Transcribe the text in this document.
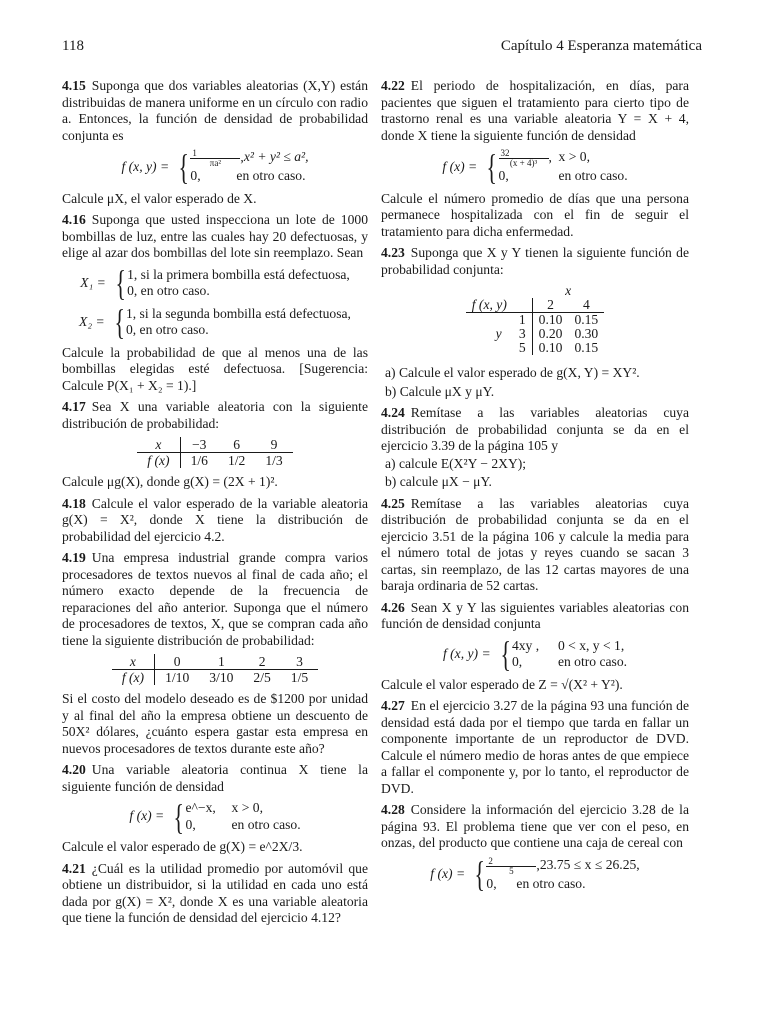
118	Capítulo 4 Esperanza matemática

4.15 Suponga que dos variables aleatorias (X,Y) están distribuidas de manera uniforme en un círculo con radio a. Entonces, la función de densidad de probabilidad conjunta es

f (x, y) = { $\frac{1}{\text{πa²}}$ , x² + y² ≤ a²,
0,	en otro caso.

Calcule μX, el valor esperado de X.

4.16 Suponga que usted inspecciona un lote de 1000 bombillas de luz, entre las cuales hay 20 defectuosas, y elige al azar dos bombillas del lote sin reemplazo. Sean

X₁ = { 1, si la primera bombilla está defectuosa,
0, en otro caso.
X₂ = { 1, si la segunda bombilla está defectuosa,
0, en otro caso.

Calcule la probabilidad de que al menos una de las bombillas elegidas esté defectuosa. [Sugerencia: Calcule P(X₁ + X₂ = 1).]

4.17 Sea X una variable aleatoria con la siguiente distribución de probabilidad:

x	−3	6	9
f (x)	1/6	1/2	1/3

Calcule μg(X), donde g(X) = (2X + 1)².

4.18 Calcule el valor esperado de la variable aleatoria g(X) = X², donde X tiene la distribución de probabilidad del ejercicio 4.2.

4.19 Una empresa industrial grande compra varios procesadores de textos nuevos al final de cada año; el número exacto depende de la frecuencia de reparaciones del año anterior. Suponga que el número de procesadores de textos, X, que se compran cada año tiene la siguiente distribución de probabilidad:

x	0	1	2	3
f (x)	1/10	3/10	2/5	1/5

Si el costo del modelo deseado es de $1200 por unidad y al final del año la empresa obtiene un descuento de 50X² dólares, ¿cuánto espera gastar esta empresa en nuevos procesadores de textos durante este año?

4.20 Una variable aleatoria continua X tiene la siguiente función de densidad

f (x) = { e^−x,	x > 0,
0,	en otro caso.

Calcule el valor esperado de g(X) = e^2X/3.

4.21 ¿Cuál es la utilidad promedio por automóvil que obtiene un distribuidor, si la utilidad en cada uno está dada por g(X) = X², donde X es una variable aleatoria que tiene la función de densidad del ejercicio 4.12?

4.22 El periodo de hospitalización, en días, para pacientes que siguen el tratamiento para cierto tipo de trastorno renal es una variable aleatoria Y = X + 4, donde X tiene la siguiente función de densidad

f (x) = { $\frac{32}{\text{(x + 4)³}}$ , x > 0,
0,	en otro caso.

Calcule el número promedio de días que una persona permanece hospitalizada con el fin de seguir el tratamiento para dicha enfermedad.

4.23 Suponga que X y Y tienen la siguiente función de probabilidad conjunta:

			x	
f (x, y)			2	4
		1	0.10	0.15
	y	3	0.20	0.30
		5	0.10	0.15

a) Calcule el valor esperado de g(X, Y) = XY².

b) Calcule μX y μY.

4.24 Remítase a las variables aleatorias cuya distribución de probabilidad conjunta se da en el ejercicio 3.39 de la página 105 y

a) calcule E(X²Y − 2XY);

b) calcule μX − μY.

4.25 Remítase a las variables aleatorias cuya distribución de probabilidad conjunta se da en el ejercicio 3.51 de la página 106 y calcule la media para el número total de jotas y reyes cuando se sacan 3 cartas, sin reemplazo, de las 12 cartas mayores de una baraja ordinaria de 52 cartas.

4.26 Sean X y Y las siguientes variables aleatorias con función de densidad conjunta

f (x, y) = { 4xy ,	0 < x, y < 1,
0,	en otro caso.

Calcule el valor esperado de Z = √(X² + Y²).

4.27 En el ejercicio 3.27 de la página 93 una función de densidad está dada por el tiempo que tarda en fallar un componente importante de un reproductor de DVD. Calcule el número medio de horas antes de que empiece a fallar el componente y, por lo tanto, el reproductor de DVD.

4.28 Considere la información del ejercicio 3.28 de la página 93. El problema tiene que ver con el peso, en onzas, del producto que contiene una caja de cereal con

f (x) = { $\frac{2}{5}$ , 23.75 ≤ x ≤ 26.25,
0,	en otro caso.
